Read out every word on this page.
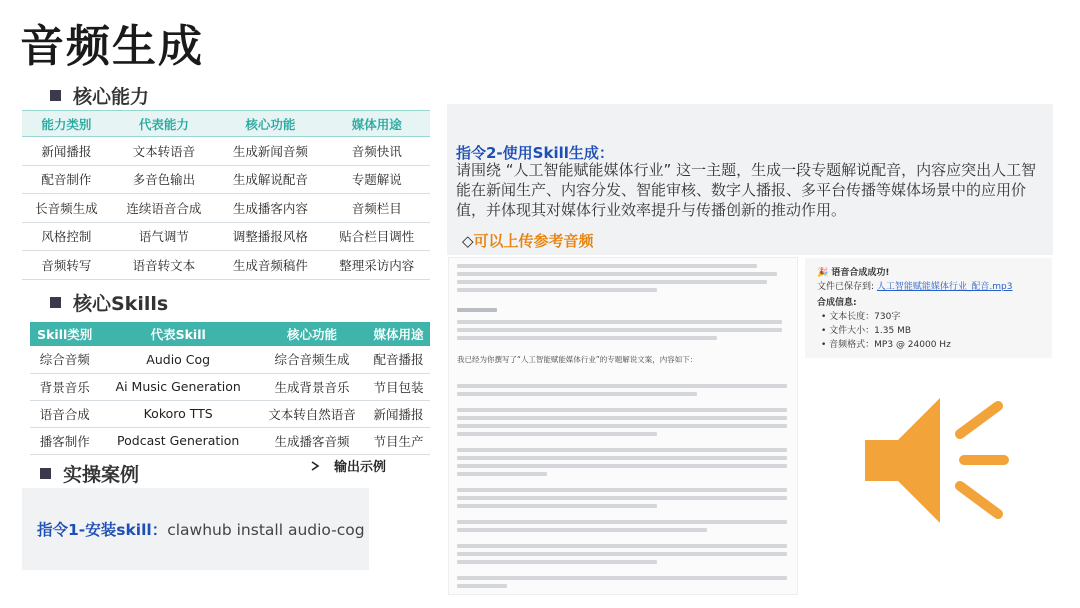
音频生成
核心能力
能力类别	代表能力	核心功能	媒体用途
新闻播报	文本转语音	生成新闻音频	音频快讯
配音制作	多音色输出	生成解说配音	专题解说
长音频生成	连续语音合成	生成播客内容	音频栏目
风格控制	语气调节	调整播报风格	贴合栏目调性
音频转写	语音转文本	生成音频稿件	整理采访内容
核心Skills
Skill类别	代表Skill	核心功能	媒体用途
综合音频	Audio Cog	综合音频生成	配音播报
背景音乐	Ai Music Generation	生成背景音乐	节目包装
语音合成	Kokoro TTS	文本转自然语音	新闻播报
播客制作	Podcast Generation	生成播客音频	节目生产
实操案例	输出示例
指令1-安装skill：clawhub install audio-cog
指令2-使用Skill生成：
请围绕 “人工智能赋能媒体行业” 这一主题，生成一段专题解说配音，内容应突出人工智能在新闻生产、内容分发、智能审核、数字人播报、多平台传播等媒体场景中的应用价值，并体现其对媒体行业效率提升与传播创新的推动作用。
◇可以上传参考音频
我已经为你撰写了“人工智能赋能媒体行业”的专题解说文案，内容如下：
🎉 语音合成成功!
文件已保存到: 人工智能赋能媒体行业_配音.mp3
合成信息:
• 文本长度：730字
• 文件大小：1.35 MB
• 音频格式：MP3 @ 24000 Hz
